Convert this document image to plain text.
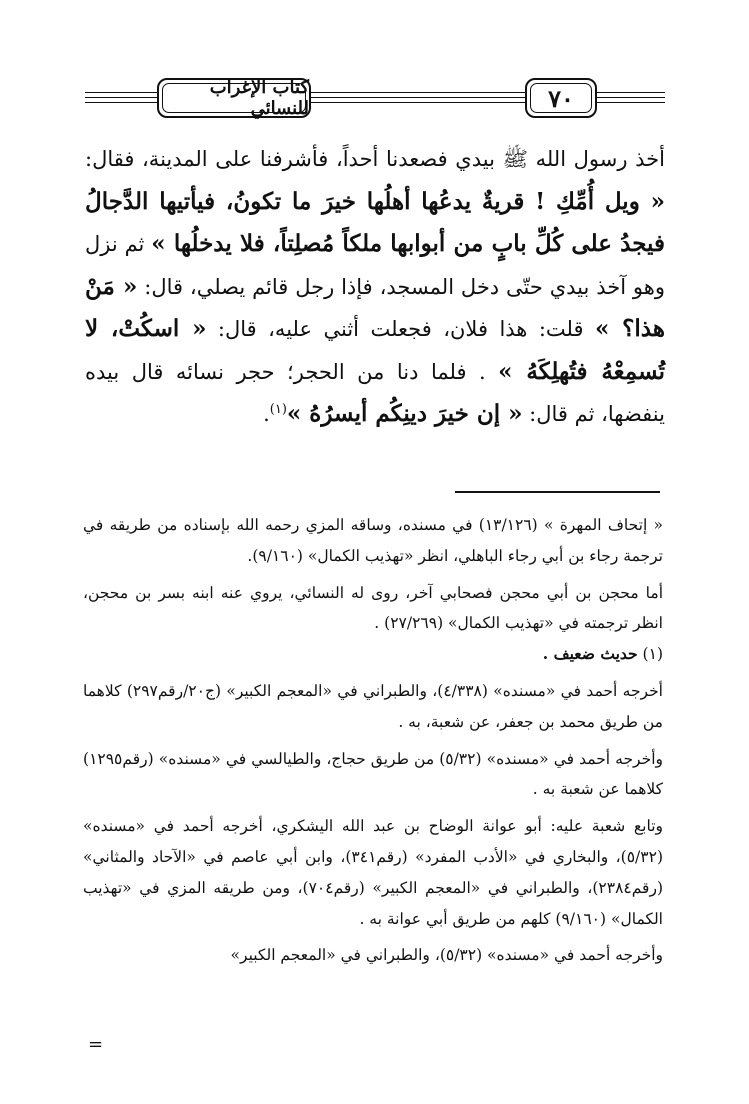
كتاب الإغراب للنسائي	٧٠

أخذ رسول الله ﷺ بيدي فصعدنا أحداً، فأشرفنا على المدينة، فقال: « ويل أُمِّكِ ! قريةٌ يدعُها أهلُها خيرَ ما تكونُ، فيأتيها الدَّجالُ فيجدُ على كُلِّ بابٍ من أبوابها ملكاً مُصلِتاً، فلا يدخلُها » ثم نزل وهو آخذ بيدي حتّى دخل المسجد، فإذا رجل قائم يصلي، قال: « مَنْ هذا؟ » قلت: هذا فلان، فجعلت أثني عليه، قال: « اسكُتْ، لا تُسمِعْهُ فتُهلِكَهُ » . فلما دنا من الحجر؛ حجر نسائه قال بيده ينفضها، ثم قال: « إن خيرَ دينِكُم أيسرُهُ »$^{(١)}$.

« إتحاف المهرة » (١٣/١٢٦) في مسنده، وساقه المزي رحمه الله بإسناده من طريقه في ترجمة رجاء بن أبي رجاء الباهلي، انظر «تهذيب الكمال» (٩/١٦٠).

أما محجن بن أبي محجن فصحابي آخر، روى له النسائي، يروي عنه ابنه بسر بن محجن، انظر ترجمته في «تهذيب الكمال» (٢٧/٢٦٩) .

(١) حديث ضعيف .

أخرجه أحمد في «مسنده» (٤/٣٣٨)، والطبراني في «المعجم الكبير» (ج٢٠/رقم٢٩٧) كلاهما من طريق محمد بن جعفر، عن شعبة، به .

وأخرجه أحمد في «مسنده» (٥/٣٢) من طريق حجاج، والطيالسي في «مسنده» (رقم١٢٩٥) كلاهما عن شعبة به .

وتابع شعبة عليه: أبو عوانة الوضاح بن عبد الله اليشكري، أخرجه أحمد في «مسنده» (٥/٣٢)، والبخاري في «الأدب المفرد» (رقم٣٤١)، وابن أبي عاصم في «الآحاد والمثاني» (رقم٢٣٨٤)، والطبراني في «المعجم الكبير» (رقم٧٠٤)، ومن طريقه المزي في «تهذيب الكمال» (٩/١٦٠) كلهم من طريق أبي عوانة به .

وأخرجه أحمد في «مسنده» (٥/٣٢)، والطبراني في «المعجم الكبير»

=
